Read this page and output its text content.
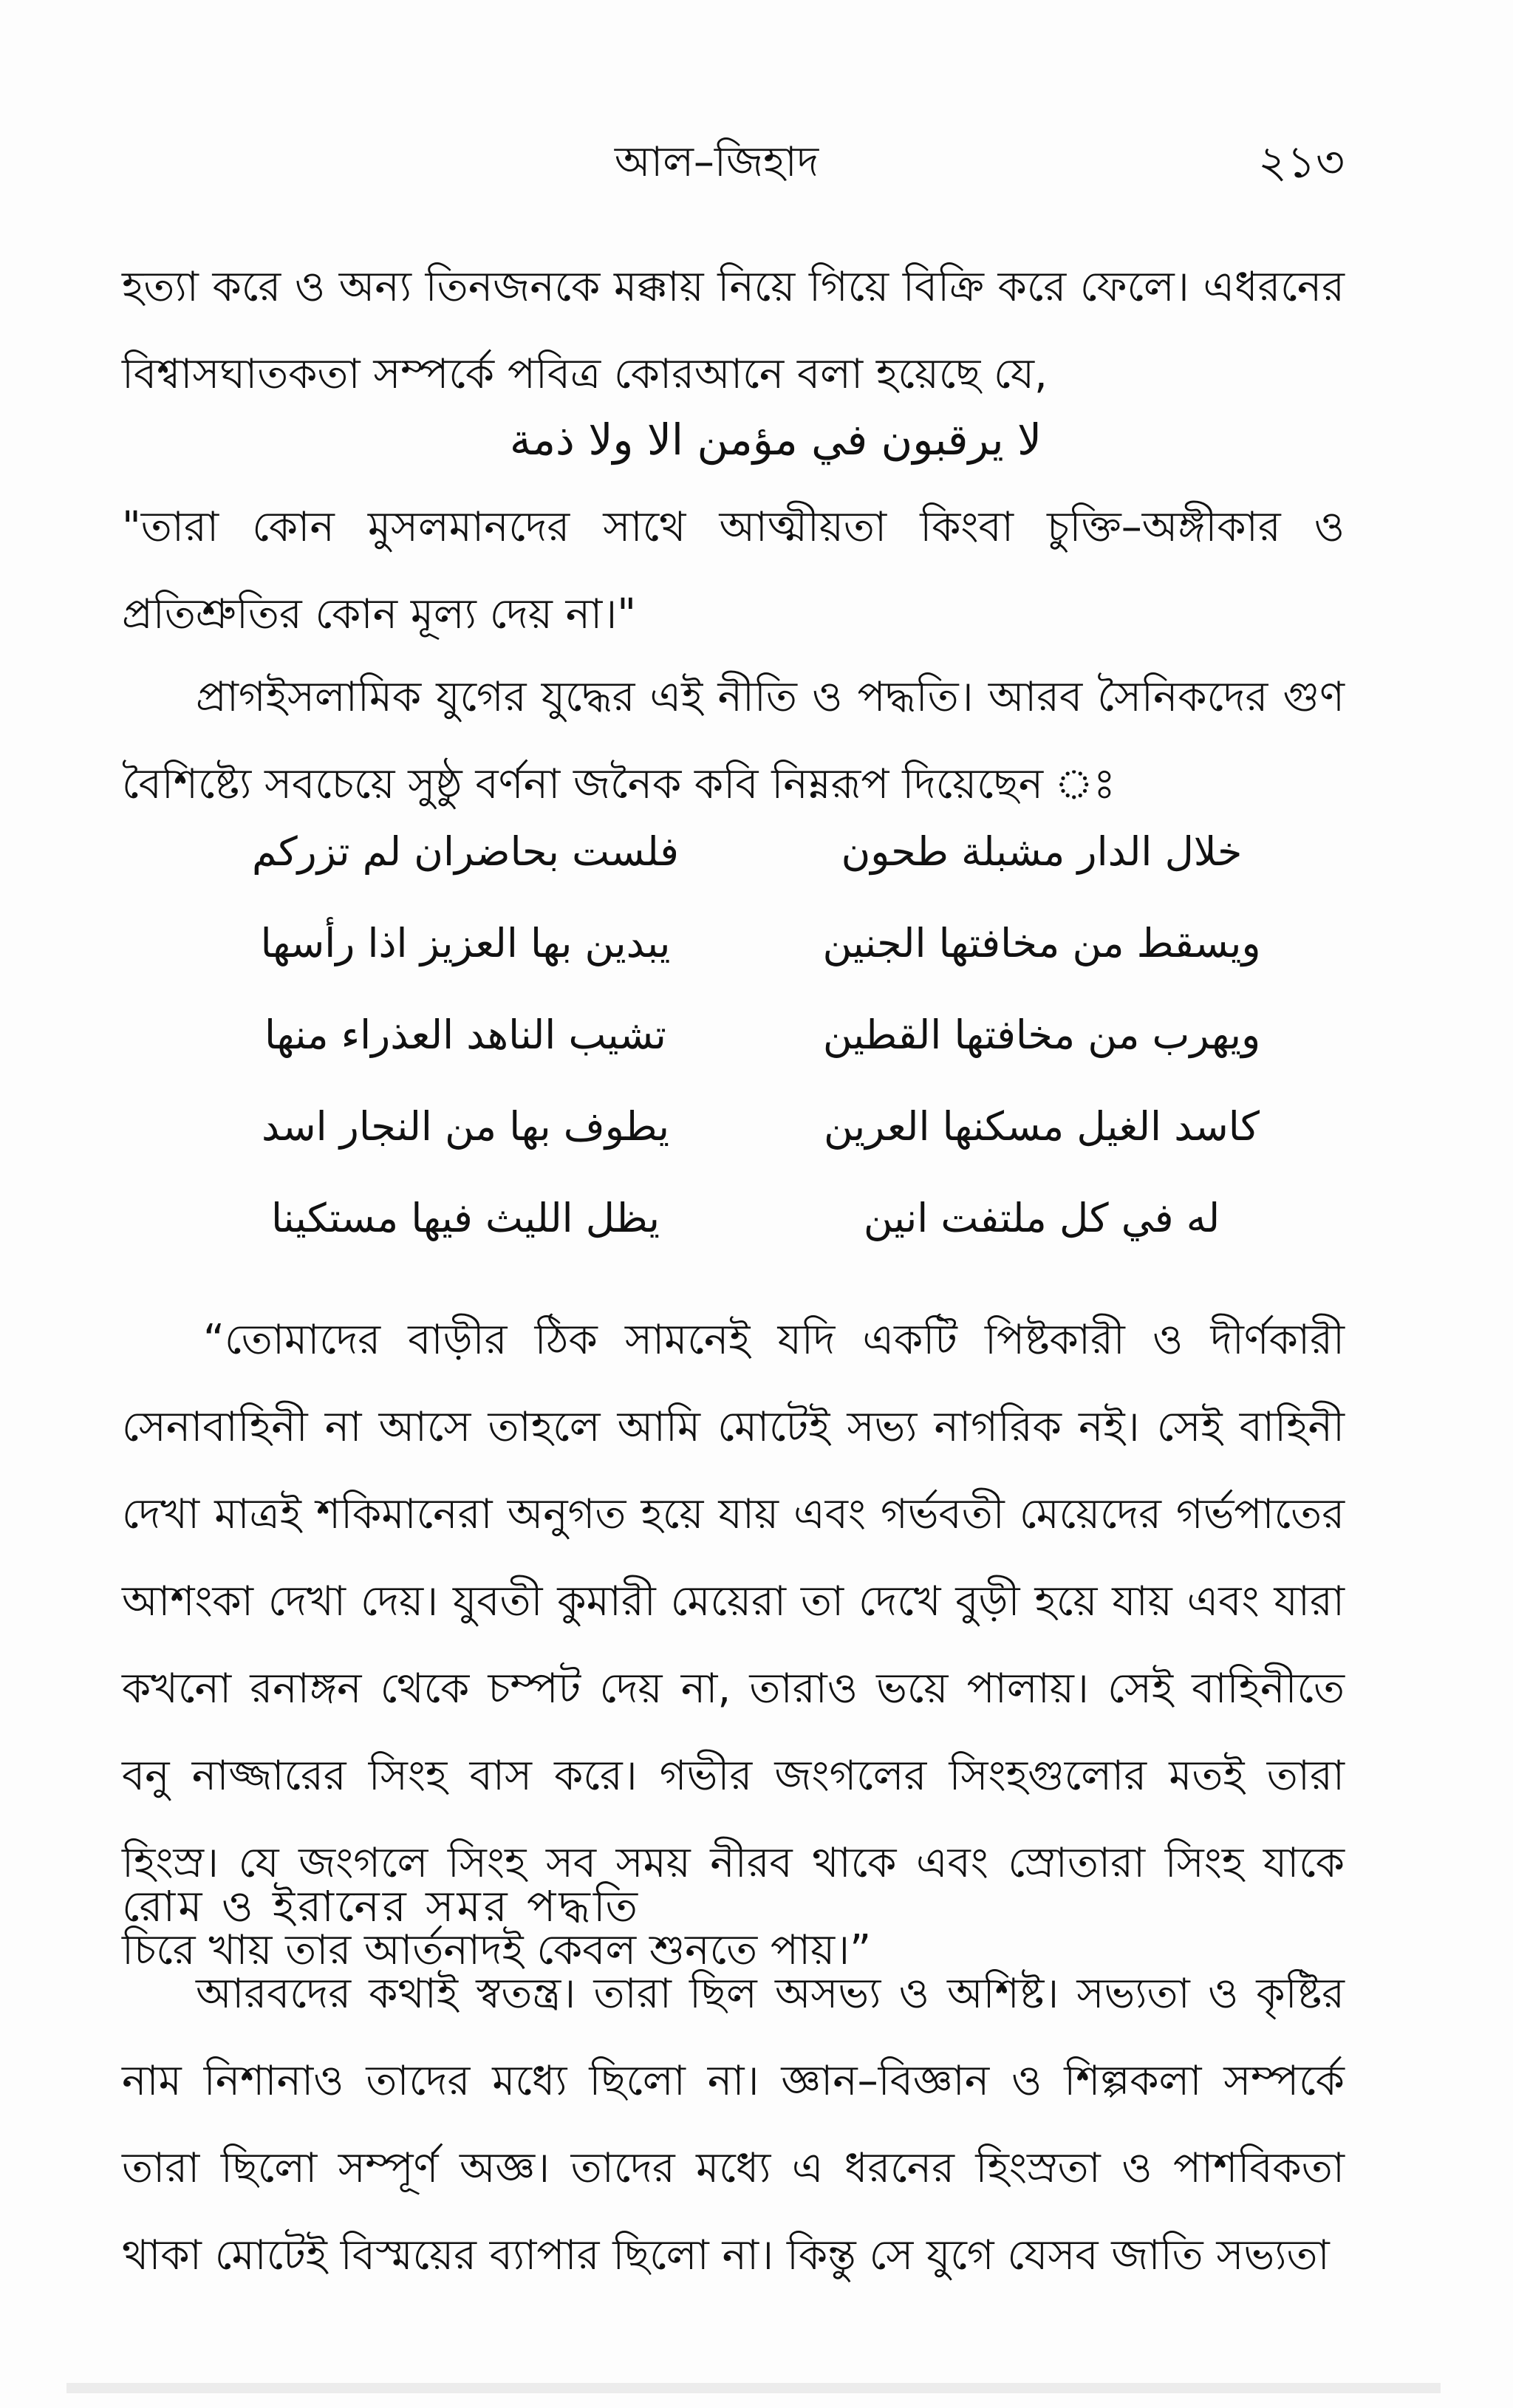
আল–জিহাদ	২১৩
হত্যা করে ও অন্য তিনজনকে মক্কায় নিয়ে গিয়ে বিক্রি করে ফেলে। এধরনের বিশ্বাসঘাতকতা সম্পর্কে পবিত্র কোরআনে বলা হয়েছে যে,
لا يرقبون في مؤمن الا ولا ذمة
"তারা কোন মুসলমানদের সাথে আত্মীয়তা কিংবা চুক্তি–অঙ্গীকার ও প্রতিশ্রুতির কোন মূল্য দেয় না।"
প্রাগইসলামিক যুগের যুদ্ধের এই নীতি ও পদ্ধতি। আরব সৈনিকদের গুণ বৈশিষ্ট্যে সবচেয়ে সুষ্ঠু বর্ণনা জনৈক কবি নিম্নরূপ দিয়েছেন ঃ
فلست بحاضران لم تزركم	خلال الدار مشبلة طحون
يبدين بها العزيز اذا رأسها	ويسقط من مخافتها الجنين
تشيب الناهد العذراء منها	ويهرب من مخافتها القطين
يطوف بها من النجار اسد	كاسد الغيل مسكنها العرين
يظل الليث فيها مستكينا	له في كل ملتفت انين
“তোমাদের বাড়ীর ঠিক সামনেই যদি একটি পিষ্টকারী ও দীর্ণকারী সেনাবাহিনী না আসে তাহলে আমি মোটেই সভ্য নাগরিক নই। সেই বাহিনী দেখা মাত্রই শকিমানেরা অনুগত হয়ে যায় এবং গর্ভবতী মেয়েদের গর্ভপাতের আশংকা দেখা দেয়। যুবতী কুমারী মেয়েরা তা দেখে বুড়ী হয়ে যায় এবং যারা কখনো রনাঙ্গন থেকে চম্পট দেয় না, তারাও ভয়ে পালায়। সেই বাহিনীতে বনু নাজ্জারের সিংহ বাস করে। গভীর জংগলের সিংহগুলোর মতই তারা হিংস্র। যে জংগলে সিংহ সব সময় নীরব থাকে এবং স্রোতারা সিংহ যাকে চিরে খায় তার আর্তনাদই কেবল শুনতে পায়।”
রোম ও ইরানের সমর পদ্ধতি
আরবদের কথাই স্বতন্ত্র। তারা ছিল অসভ্য ও অশিষ্ট। সভ্যতা ও কৃষ্টির নাম নিশানাও তাদের মধ্যে ছিলো না। জ্ঞান–বিজ্ঞান ও শিল্পকলা সম্পর্কে তারা ছিলো সম্পূর্ণ অজ্ঞ। তাদের মধ্যে এ ধরনের হিংস্রতা ও পাশবিকতা থাকা মোটেই বিস্ময়ের ব্যাপার ছিলো না। কিন্তু সে যুগে যেসব জাতি সভ্যতা
